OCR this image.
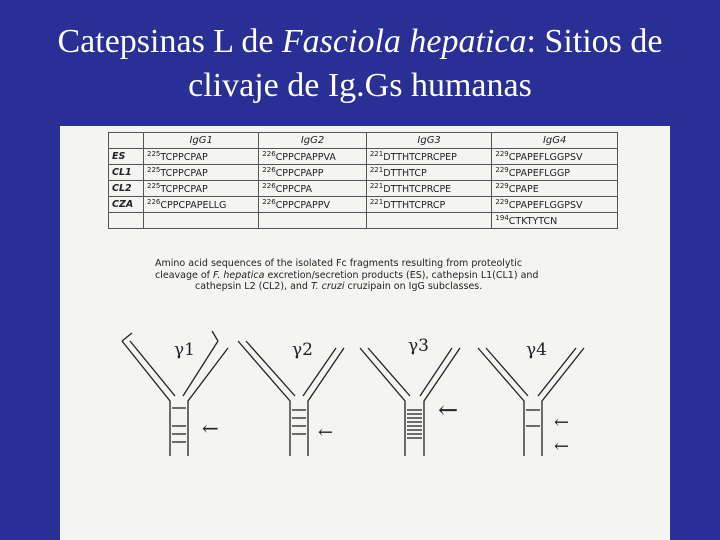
Catepsinas L de Fasciola hepatica: Sitios de
clivaje de Ig.Gs humanas
	IgG1	IgG2	IgG3	IgG4
ES	$^{225}$TCPPCPAP	$^{226}$CPPCPAPPVA	$^{221}$DTTHTCPRCPEP	$^{229}$CPAPEFLGGPSV
CL1	$^{225}$TCPPCPAP	$^{226}$CPPCPAPP	$^{221}$DTTHTCP	$^{229}$CPAPEFLGGP
CL2	$^{225}$TCPPCPAP	$^{226}$CPPCPA	$^{221}$DTTHTCPRCPE	$^{229}$CPAPE
CZA	$^{226}$CPPCPAPELLG	$^{226}$CPPCPAPPV	$^{221}$DTTHTCPRCP	$^{229}$CPAPEFLGGPSV
				$^{194}$CTKTYTCN
Amino acid sequences of the isolated Fc fragments resulting from proteolytic
cleavage of F. hepatica excretion/secretion products (ES), cathepsin L1(CL1) and
cathepsin L2 (CL2), and T. cruzi cruzipain on IgG subclasses.
γ1	γ2	γ3	γ4
←	←
←	←
←
